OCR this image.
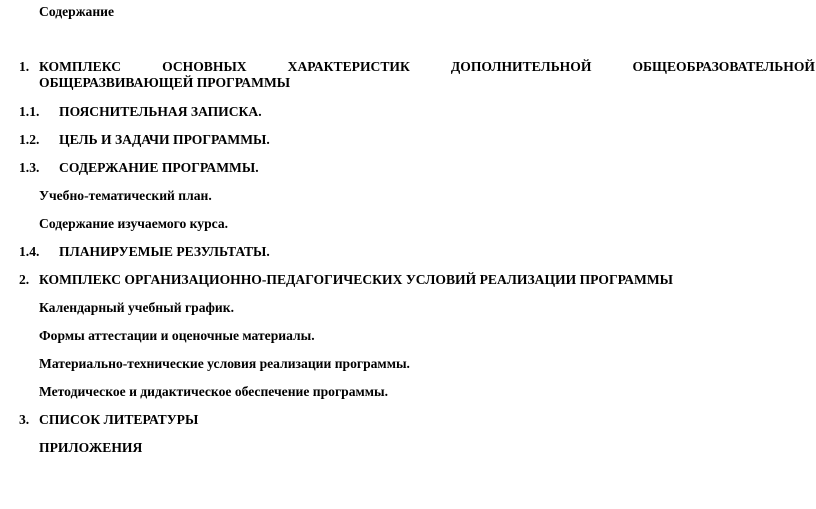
Содержание
1. КОМПЛЕКС ОСНОВНЫХ ХАРАКТЕРИСТИК ДОПОЛНИТЕЛЬНОЙ ОБЩЕОБРАЗОВАТЕЛЬНОЙ
ОБЩЕРАЗВИВАЮЩЕЙ ПРОГРАММЫ
1.1. ПОЯСНИТЕЛЬНАЯ ЗАПИСКА.
1.2. ЦЕЛЬ И ЗАДАЧИ ПРОГРАММЫ.
1.3. СОДЕРЖАНИЕ ПРОГРАММЫ.
Учебно-тематический план.
Содержание изучаемого курса.
1.4. ПЛАНИРУЕМЫЕ РЕЗУЛЬТАТЫ.
2. КОМПЛЕКС ОРГАНИЗАЦИОННО-ПЕДАГОГИЧЕСКИХ УСЛОВИЙ РЕАЛИЗАЦИИ ПРОГРАММЫ
Календарный учебный график.
Формы аттестации и оценочные материалы.
Материально-технические условия реализации программы.
Методическое и дидактическое обеспечение программы.
3. СПИСОК ЛИТЕРАТУРЫ
ПРИЛОЖЕНИЯ
